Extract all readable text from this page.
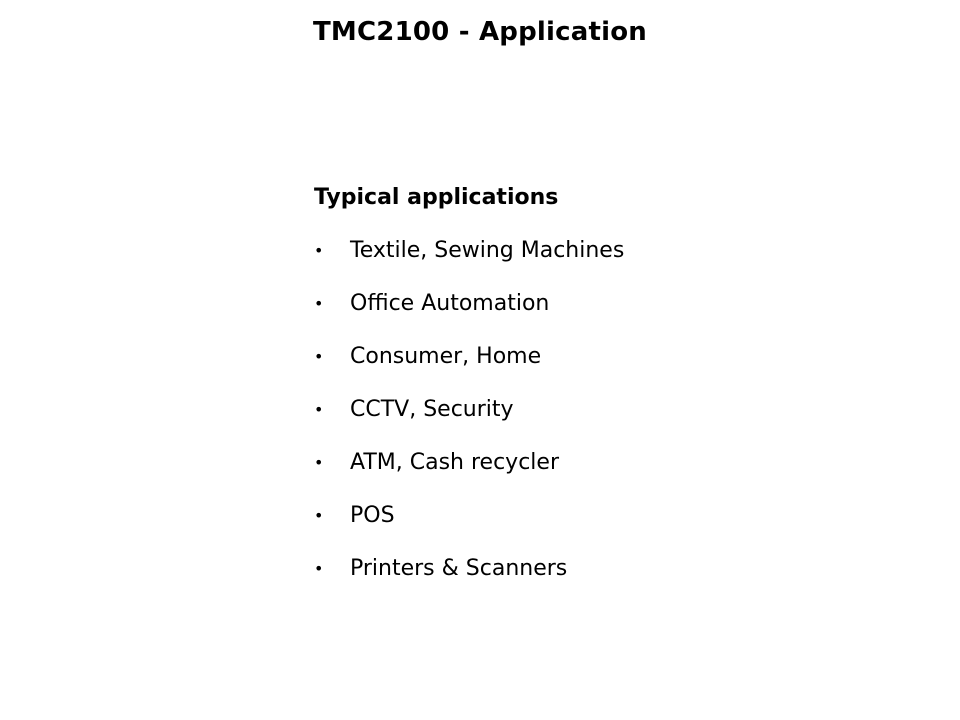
TMC2100 - Application
Typical applications
• Textile, Sewing Machines
• Office Automation
• Consumer, Home
• CCTV, Security
• ATM, Cash recycler
• POS
• Printers & Scanners
